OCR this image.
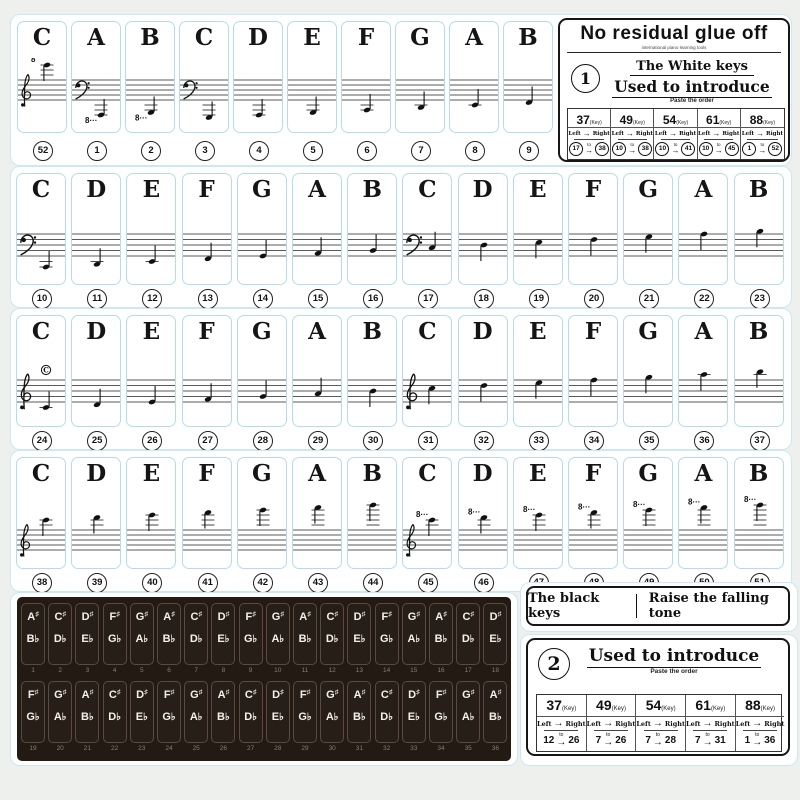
C
8
52
A
8···
1
B
8···
2
C
3
D
4
E
5
F
6
G
7
A
8
B
9
C
10
D
11
E
12
F
13
G
14
A
15
B
16
C
17
D
18
E
19
F
20
G
21
A
22
B
23
C
C
24
D
25
E
26
F
27
G
28
A
29
B
30
C
31
D
32
E
33
F
34
G
35
A
36
B
37
C
38
D
39
E
40
F
41
G
42
A
43
B
44
C
8···
45
D
8···
46
E
8···
F
8···
G
8···
A
8···
B
8···
No residual glue off
international piano learning tools
1
The White keys
Used to introduce
Paste the order
37(Key)
Left → Right
17
to
→ 38
49(Key)
Left → Right
10
to
→ 38
54(Key)
Left → Right
10
to
→ 41
61(Key)
Left → Right
10
to
→ 45
88(Key)
Left → Right
1
to
→ 52
A♯
B♭
1
C♯
D♭
2
D♯
E♭
3
F♯
G♭
4
G♯
A♭
5
A♯
B♭
6
C♯
D♭
7
D♯
E♭
8
F♯
G♭
9
G♯
A♭
10
A♯
B♭
11
C♯
D♭
12
D♯
E♭
13
F♯
G♭
14
G♯
A♭
15
A♯
B♭
16
C♯
D♭
17
D♯
E♭
18
F♯
G♭
19
G♯
A♭
20
A♯
B♭
21
C♯
D♭
22
D♯
E♭
23
F♯
G♭
24
G♯
A♭
25
A♯
B♭
26
C♯
D♭
27
D♯
E♭
28
F♯
G♭
29
G♯
A♭
30
A♯
B♭
31
C♯
D♭
32
D♯
E♭
33
F♯
G♭
34
G♯
A♭
35
A♯
B♭
36
The black keys
Raise the falling tone
2	Used to introduce
Paste the order
37(Key)
Left → Right
12 to
→ 26
49(Key)
Left → Right
7 to
→ 26
54(Key)
Left → Right
7 to
→ 28
61(Key)
Left → Right
7 to
→ 31
88(Key)
Left → Right
1 to
→ 36
